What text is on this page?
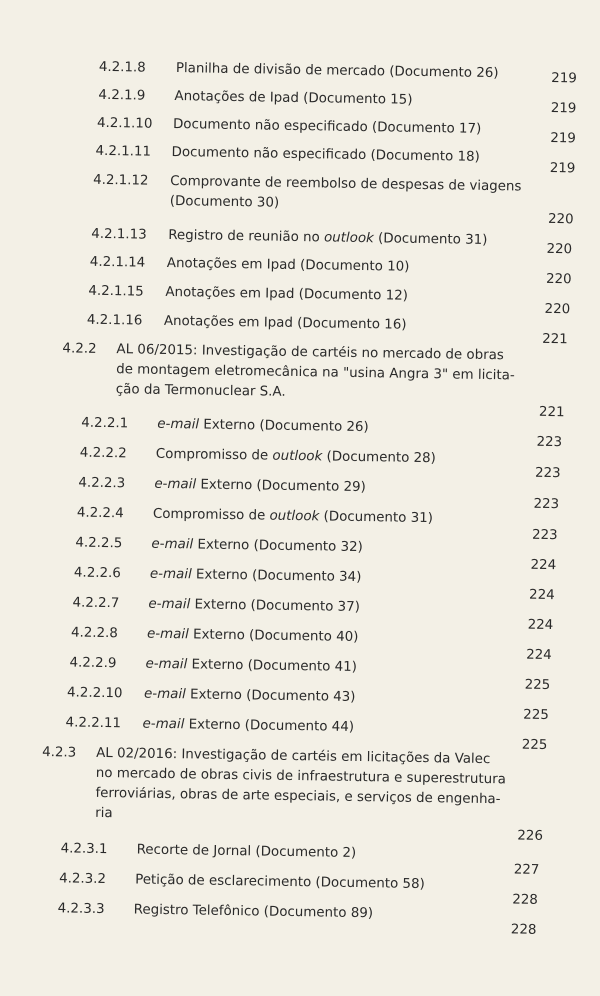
4.2.1.8 Planilha de divisão de mercado (Documento 26)	219
4.2.1.9 Anotações de Ipad (Documento 15)
219
4.2.1.10 Documento não especificado (Documento 17)
219
4.2.1.11 Documento não especificado (Documento 18)
219
4.2.1.12 Comprovante de reembolso de despesas de viagens
(Documento 30)
220
4.2.1.13 Registro de reunião no outlook (Documento 31)
220
4.2.1.14 Anotações em Ipad (Documento 10)
220
4.2.1.15 Anotações em Ipad (Documento 12)
220
4.2.1.16 Anotações em Ipad (Documento 16)
221
4.2.2 AL 06/2015: Investigação de cartéis no mercado de obras
de montagem eletromecânica na "usina Angra 3" em licita-
ção da Termonuclear S.A.
221
4.2.2.1 e-mail Externo (Documento 26)
223
4.2.2.2 Compromisso de outlook (Documento 28)
223
4.2.2.3 e-mail Externo (Documento 29)
223
4.2.2.4 Compromisso de outlook (Documento 31)
223
4.2.2.5 e-mail Externo (Documento 32)
224
4.2.2.6 e-mail Externo (Documento 34)
224
4.2.2.7 e-mail Externo (Documento 37)
224
4.2.2.8 e-mail Externo (Documento 40)
224
4.2.2.9 e-mail Externo (Documento 41)
225
4.2.2.10 e-mail Externo (Documento 43)
225
4.2.2.11 e-mail Externo (Documento 44)
225
4.2.3 AL 02/2016: Investigação de cartéis em licitações da Valec
no mercado de obras civis de infraestrutura e superestrutura
ferroviárias, obras de arte especiais, e serviços de engenha-
ria
226
4.2.3.1 Recorte de Jornal (Documento 2)
227
4.2.3.2 Petição de esclarecimento (Documento 58)
228
4.2.3.3 Registro Telefônico (Documento 89)
228
